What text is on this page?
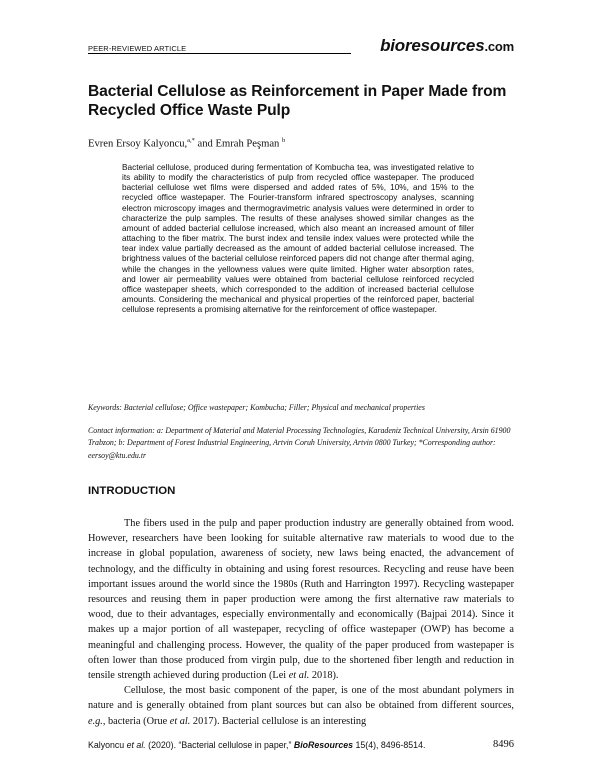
PEER-REVIEWED ARTICLE	bioresources.com
Bacterial Cellulose as Reinforcement in Paper Made from Recycled Office Waste Pulp
Evren Ersoy Kalyoncu,$^{a,*}$ and Emrah Peşman $^b$

Bacterial cellulose, produced during fermentation of Kombucha tea, was investigated relative to its ability to modify the characteristics of pulp from recycled office wastepaper. The produced bacterial cellulose wet films were dispersed and added rates of 5%, 10%, and 15% to the recycled office wastepaper. The Fourier-transform infrared spectroscopy analyses, scanning electron microscopy images and thermogravimetric analysis values were determined in order to characterize the pulp samples. The results of these analyses showed similar changes as the amount of added bacterial cellulose increased, which also meant an increased amount of filler attaching to the fiber matrix. The burst index and tensile index values were protected while the tear index value partially decreased as the amount of added bacterial cellulose increased. The brightness values of the bacterial cellulose reinforced papers did not change after thermal aging, while the changes in the yellowness values were quite limited. Higher water absorption rates, and lower air permeability values were obtained from bacterial cellulose reinforced recycled office wastepaper sheets, which corresponded to the addition of increased bacterial cellulose amounts. Considering the mechanical and physical properties of the reinforced paper, bacterial cellulose represents a promising alternative for the reinforcement of office wastepaper.

Keywords: Bacterial cellulose; Office wastepaper; Kombucha; Filler; Physical and mechanical properties

Contact information: a: Department of Material and Material Processing Technologies, Karadeniz Technical University, Arsin 61900 Trabzon; b: Department of Forest Industrial Engineering, Artvin Coruh University, Artvin 0800 Turkey; *Corresponding author: eersoy@ktu.edu.tr

INTRODUCTION

The fibers used in the pulp and paper production industry are generally obtained from wood. However, researchers have been looking for suitable alternative raw materials to wood due to the increase in global population, awareness of society, new laws being enacted, the advancement of technology, and the difficulty in obtaining and using forest resources. Recycling and reuse have been important issues around the world since the 1980s (Ruth and Harrington 1997). Recycling wastepaper resources and reusing them in paper production were among the first alternative raw materials to wood, due to their advantages, especially environmentally and economically (Bajpai 2014). Since it makes up a major portion of all wastepaper, recycling of office wastepaper (OWP) has become a meaningful and challenging process. However, the quality of the paper produced from wastepaper is often lower than those produced from virgin pulp, due to the shortened fiber length and reduction in tensile strength achieved during production (Lei et al. 2018).

Cellulose, the most basic component of the paper, is one of the most abundant polymers in nature and is generally obtained from plant sources but can also be obtained from different sources, e.g., bacteria (Orue et al. 2017). Bacterial cellulose is an interesting

Kalyoncu et al. (2020). “Bacterial cellulose in paper,” BioResources 15(4), 8496-8514.	8496
